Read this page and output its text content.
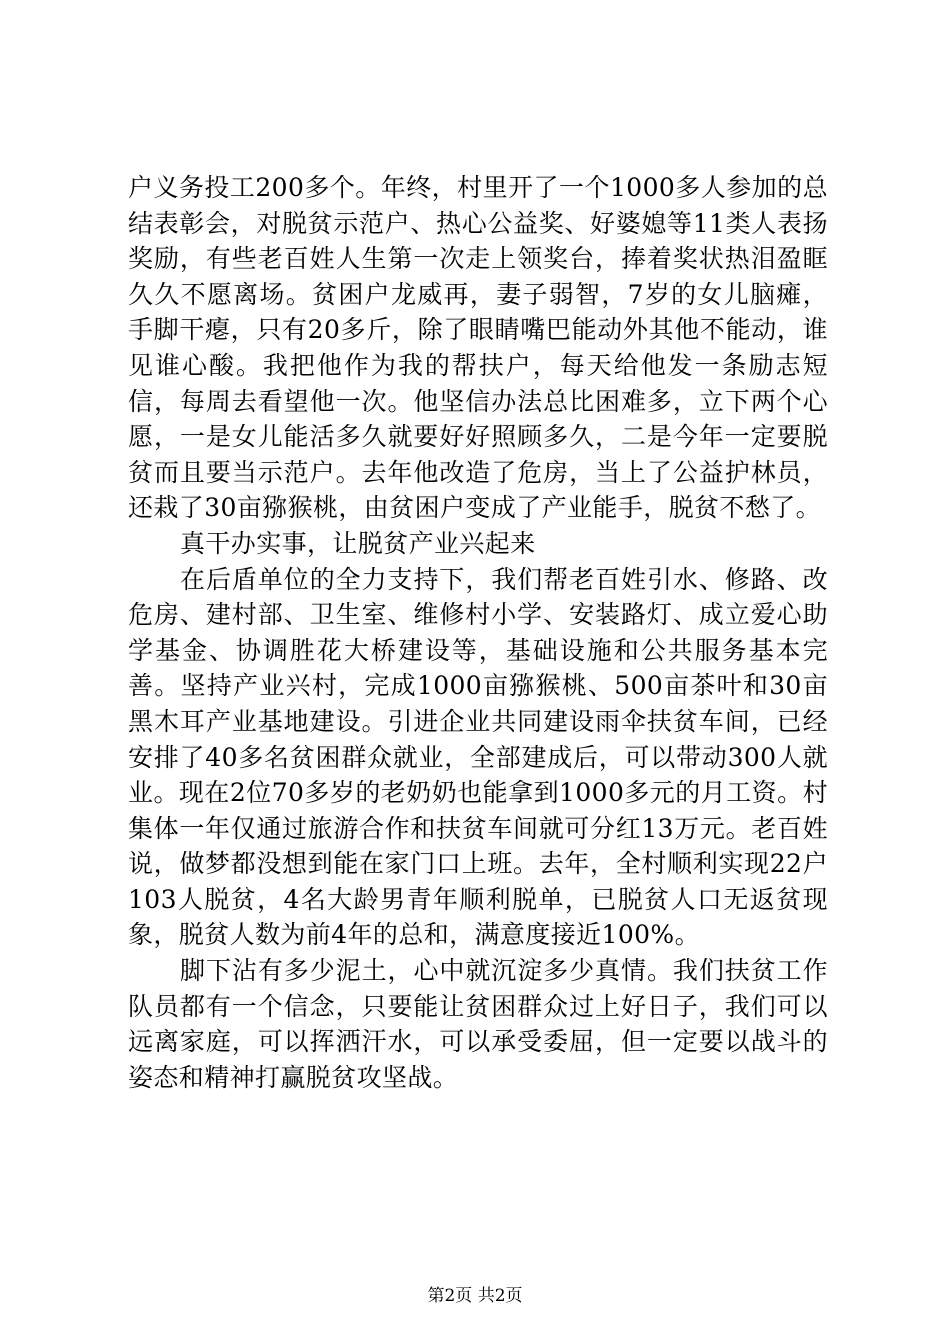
户义务投工200多个。年终，村里开了一个1000多人参加的总结表彰会，对脱贫示范户、热心公益奖、好婆媳等11类人表扬奖励，有些老百姓人生第一次走上领奖台，捧着奖状热泪盈眶久久不愿离场。贫困户龙威再，妻子弱智，7岁的女儿脑瘫，手脚干瘪，只有20多斤，除了眼睛嘴巴能动外其他不能动，谁见谁心酸。我把他作为我的帮扶户，每天给他发一条励志短信，每周去看望他一次。他坚信办法总比困难多，立下两个心愿，一是女儿能活多久就要好好照顾多久，二是今年一定要脱贫而且要当示范户。去年他改造了危房，当上了公益护林员，还栽了30亩猕猴桃，由贫困户变成了产业能手，脱贫不愁了。

真干办实事，让脱贫产业兴起来

在后盾单位的全力支持下，我们帮老百姓引水、修路、改危房、建村部、卫生室、维修村小学、安装路灯、成立爱心助学基金、协调胜花大桥建设等，基础设施和公共服务基本完善。坚持产业兴村，完成1000亩猕猴桃、500亩茶叶和30亩黑木耳产业基地建设。引进企业共同建设雨伞扶贫车间，已经安排了40多名贫困群众就业，全部建成后，可以带动300人就业。现在2位70多岁的老奶奶也能拿到1000多元的月工资。村集体一年仅通过旅游合作和扶贫车间就可分红13万元。老百姓说，做梦都没想到能在家门口上班。去年，全村顺利实现22户103人脱贫，4名大龄男青年顺利脱单，已脱贫人口无返贫现象，脱贫人数为前4年的总和，满意度接近100%。

脚下沾有多少泥土，心中就沉淀多少真情。我们扶贫工作队员都有一个信念，只要能让贫困群众过上好日子，我们可以远离家庭，可以挥洒汗水，可以承受委屈，但一定要以战斗的姿态和精神打赢脱贫攻坚战。

第2页 共2页
